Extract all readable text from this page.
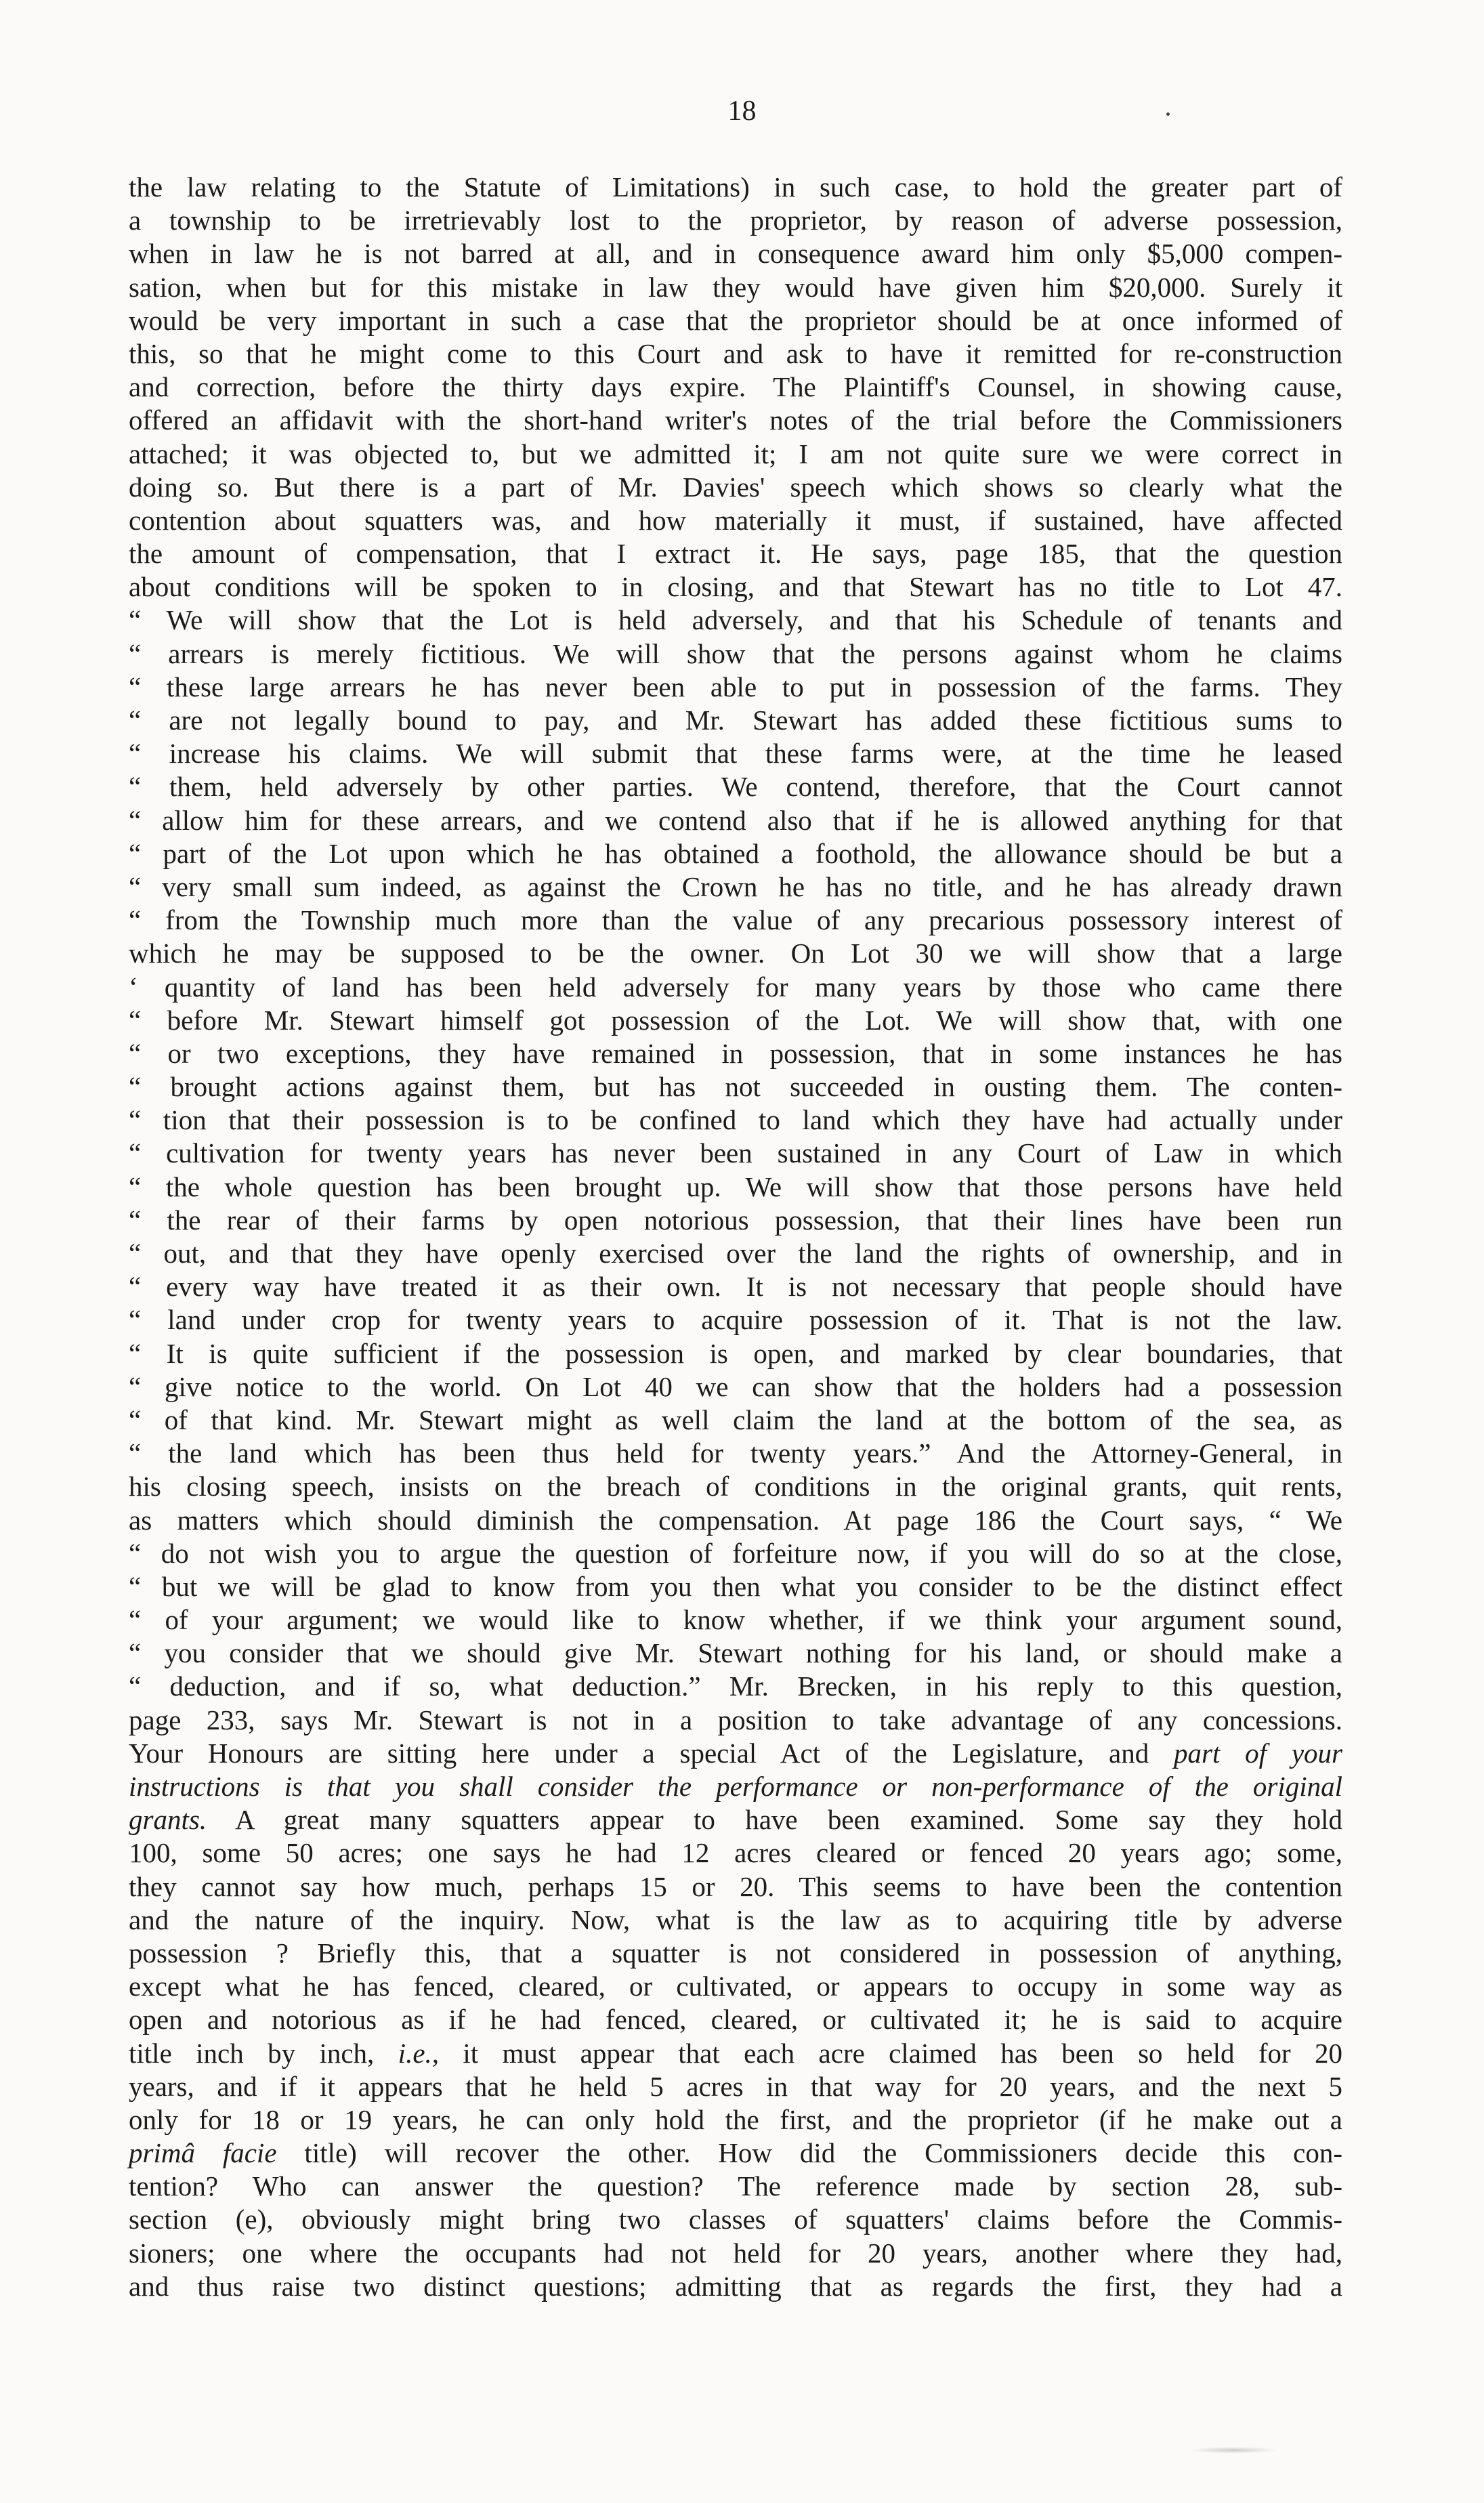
18
the law relating to the Statute of Limitations) in such case, to hold the greater part of
a township to be irretrievably lost to the proprietor, by reason of adverse possession,
when in law he is not barred at all, and in consequence award him only $5,000 compen-
sation, when but for this mistake in law they would have given him $20,000. Surely it
would be very important in such a case that the proprietor should be at once informed of
this, so that he might come to this Court and ask to have it remitted for re-construction
and correction, before the thirty days expire. The Plaintiff's Counsel, in showing cause,
offered an affidavit with the short-hand writer's notes of the trial before the Commissioners
attached; it was objected to, but we admitted it; I am not quite sure we were correct in
doing so. But there is a part of Mr. Davies' speech which shows so clearly what the
contention about squatters was, and how materially it must, if sustained, have affected
the amount of compensation, that I extract it. He says, page 185, that the question
about conditions will be spoken to in closing, and that Stewart has no title to Lot 47.
“ We will show that the Lot is held adversely, and that his Schedule of tenants and
“ arrears is merely fictitious. We will show that the persons against whom he claims
“ these large arrears he has never been able to put in possession of the farms. They
“ are not legally bound to pay, and Mr. Stewart has added these fictitious sums to
“ increase his claims. We will submit that these farms were, at the time he leased
“ them, held adversely by other parties. We contend, therefore, that the Court cannot
“ allow him for these arrears, and we contend also that if he is allowed anything for that
“ part of the Lot upon which he has obtained a foothold, the allowance should be but a
“ very small sum indeed, as against the Crown he has no title, and he has already drawn
“ from the Township much more than the value of any precarious possessory interest of
which he may be supposed to be the owner. On Lot 30 we will show that a large
‘ quantity of land has been held adversely for many years by those who came there
“ before Mr. Stewart himself got possession of the Lot. We will show that, with one
“ or two exceptions, they have remained in possession, that in some instances he has
“ brought actions against them, but has not succeeded in ousting them. The conten-
“ tion that their possession is to be confined to land which they have had actually under
“ cultivation for twenty years has never been sustained in any Court of Law in which
“ the whole question has been brought up. We will show that those persons have held
“ the rear of their farms by open notorious possession, that their lines have been run
“ out, and that they have openly exercised over the land the rights of ownership, and in
“ every way have treated it as their own. It is not necessary that people should have
“ land under crop for twenty years to acquire possession of it. That is not the law.
“ It is quite sufficient if the possession is open, and marked by clear boundaries, that
“ give notice to the world. On Lot 40 we can show that the holders had a possession
“ of that kind. Mr. Stewart might as well claim the land at the bottom of the sea, as
“ the land which has been thus held for twenty years.” And the Attorney-General, in
his closing speech, insists on the breach of conditions in the original grants, quit rents,
as matters which should diminish the compensation. At page 186 the Court says, “ We
“ do not wish you to argue the question of forfeiture now, if you will do so at the close,
“ but we will be glad to know from you then what you consider to be the distinct effect
“ of your argument; we would like to know whether, if we think your argument sound,
“ you consider that we should give Mr. Stewart nothing for his land, or should make a
“ deduction, and if so, what deduction.” Mr. Brecken, in his reply to this question,
page 233, says Mr. Stewart is not in a position to take advantage of any concessions.
Your Honours are sitting here under a special Act of the Legislature, and part of your
instructions is that you shall consider the performance or non-performance of the original
grants. A great many squatters appear to have been examined. Some say they hold
100, some 50 acres; one says he had 12 acres cleared or fenced 20 years ago; some,
they cannot say how much, perhaps 15 or 20. This seems to have been the contention
and the nature of the inquiry. Now, what is the law as to acquiring title by adverse
possession ? Briefly this, that a squatter is not considered in possession of anything,
except what he has fenced, cleared, or cultivated, or appears to occupy in some way as
open and notorious as if he had fenced, cleared, or cultivated it; he is said to acquire
title inch by inch, i.e., it must appear that each acre claimed has been so held for 20
years, and if it appears that he held 5 acres in that way for 20 years, and the next 5
only for 18 or 19 years, he can only hold the first, and the proprietor (if he make out a
primâ facie title) will recover the other. How did the Commissioners decide this con-
tention? Who can answer the question? The reference made by section 28, sub-
section (e), obviously might bring two classes of squatters' claims before the Commis-
sioners; one where the occupants had not held for 20 years, another where they had,
and thus raise two distinct questions; admitting that as regards the first, they had a
